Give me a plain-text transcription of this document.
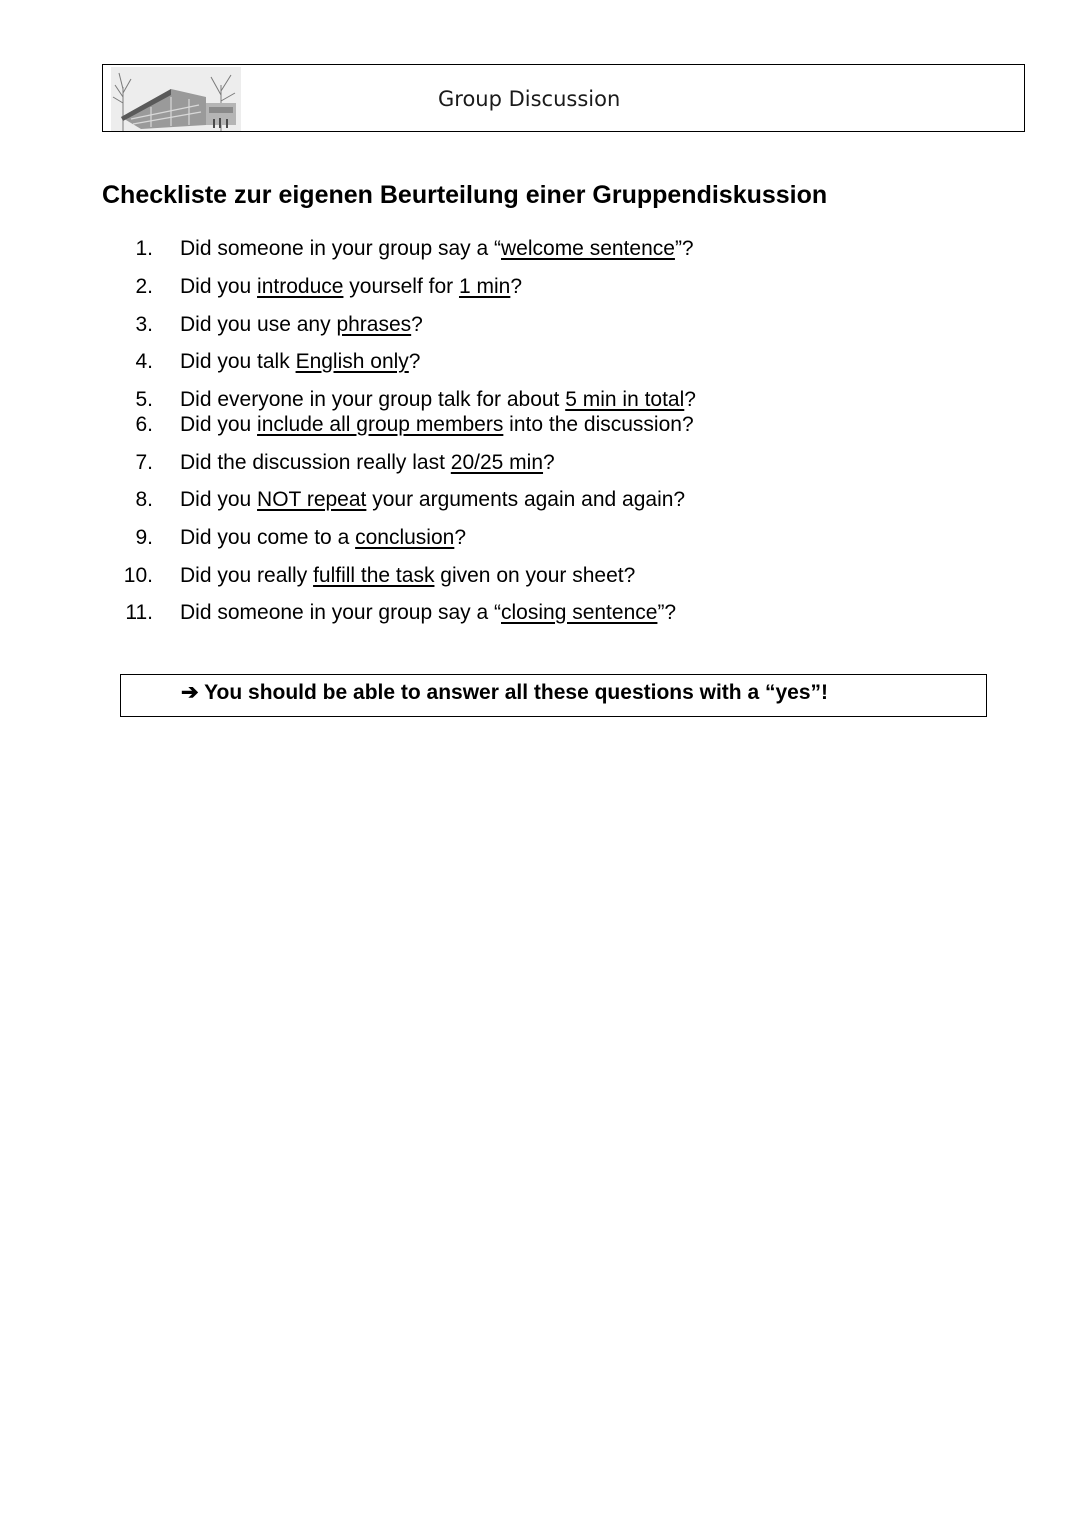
Group Discussion
Checkliste zur eigenen Beurteilung einer Gruppendiskussion
1. Did someone in your group say a “welcome sentence”?
2. Did you introduce yourself for 1 min?
3. Did you use any phrases?
4. Did you talk English only?
5. Did everyone in your group talk for about 5 min in total?
6. Did you include all group members into the discussion?
7. Did the discussion really last 20/25 min?
8. Did you NOT repeat your arguments again and again?
9. Did you come to a conclusion?
10. Did you really fulfill the task given on your sheet?
11. Did someone in your group say a “closing sentence”?
➔ You should be able to answer all these questions with a “yes”!
